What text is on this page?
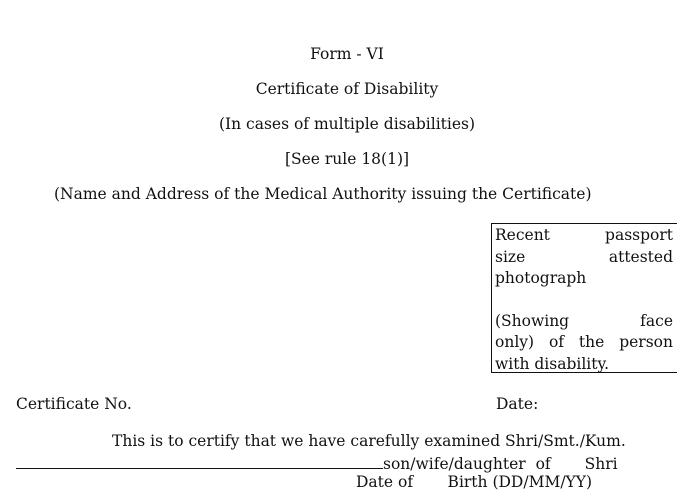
Form - VI
Certificate of Disability
(In cases of multiple disabilities)
[See rule 18(1)]
(Name and Address of the Medical Authority issuing the Certificate)
Recent	passport
size	attested
photograph
(Showing	face
only) of the person
with disability.
Certificate No.	Date:
This is to certify that we have carefully examined Shri/Smt./Kum.
son/wife/daughter  of Shri
Date of       Birth (DD/MM/YY)
